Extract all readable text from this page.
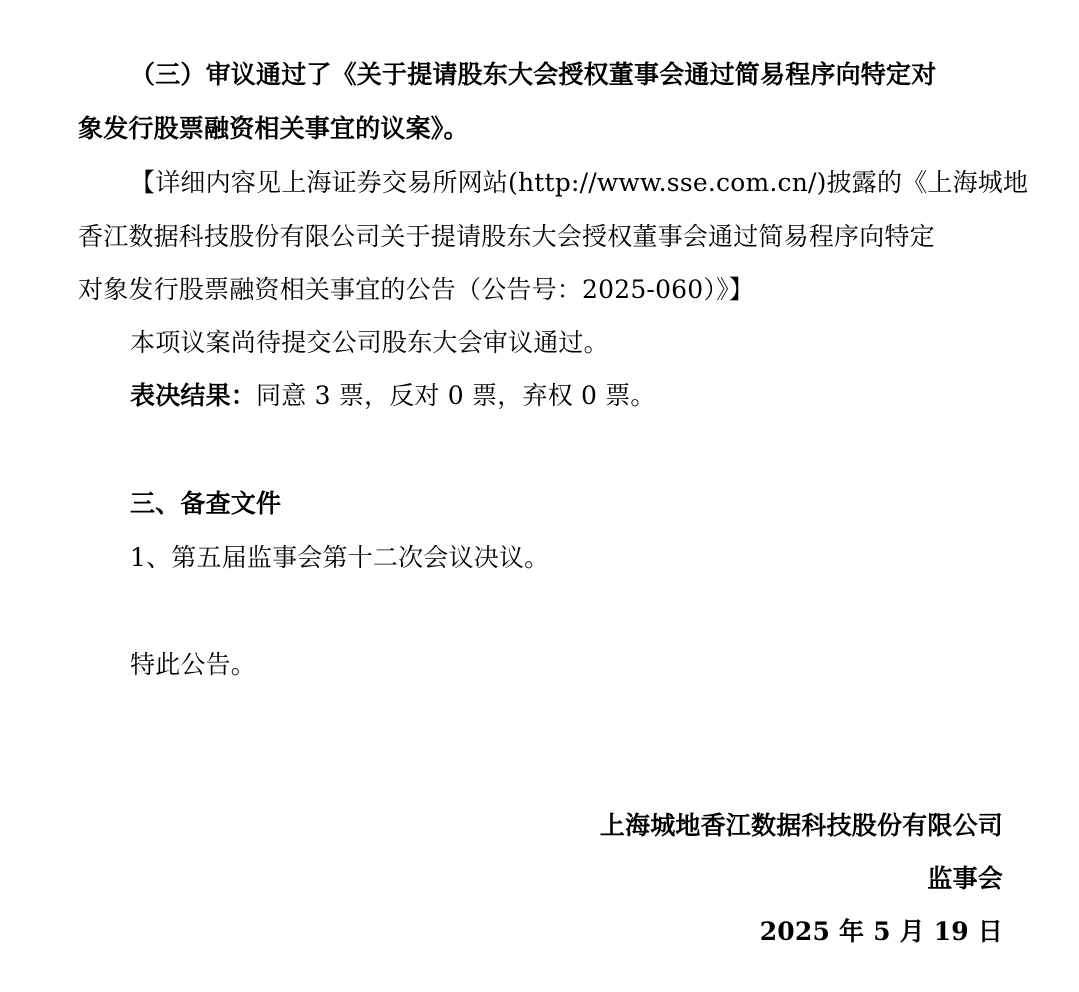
（三）审议通过了《关于提请股东大会授权董事会通过简易程序向特定对
象发行股票融资相关事宜的议案》。
【详细内容见上海证券交易所网站(http://www.sse.com.cn/)披露的《上海城地
香江数据科技股份有限公司关于提请股东大会授权董事会通过简易程序向特定
对象发行股票融资相关事宜的公告（公告号：2025-060）》】
本项议案尚待提交公司股东大会审议通过。
表决结果：同意 3 票，反对 0 票，弃权 0 票。
三、备查文件
1、第五届监事会第十二次会议决议。
特此公告。
上海城地香江数据科技股份有限公司
监事会
2025 年 5 月 19 日
